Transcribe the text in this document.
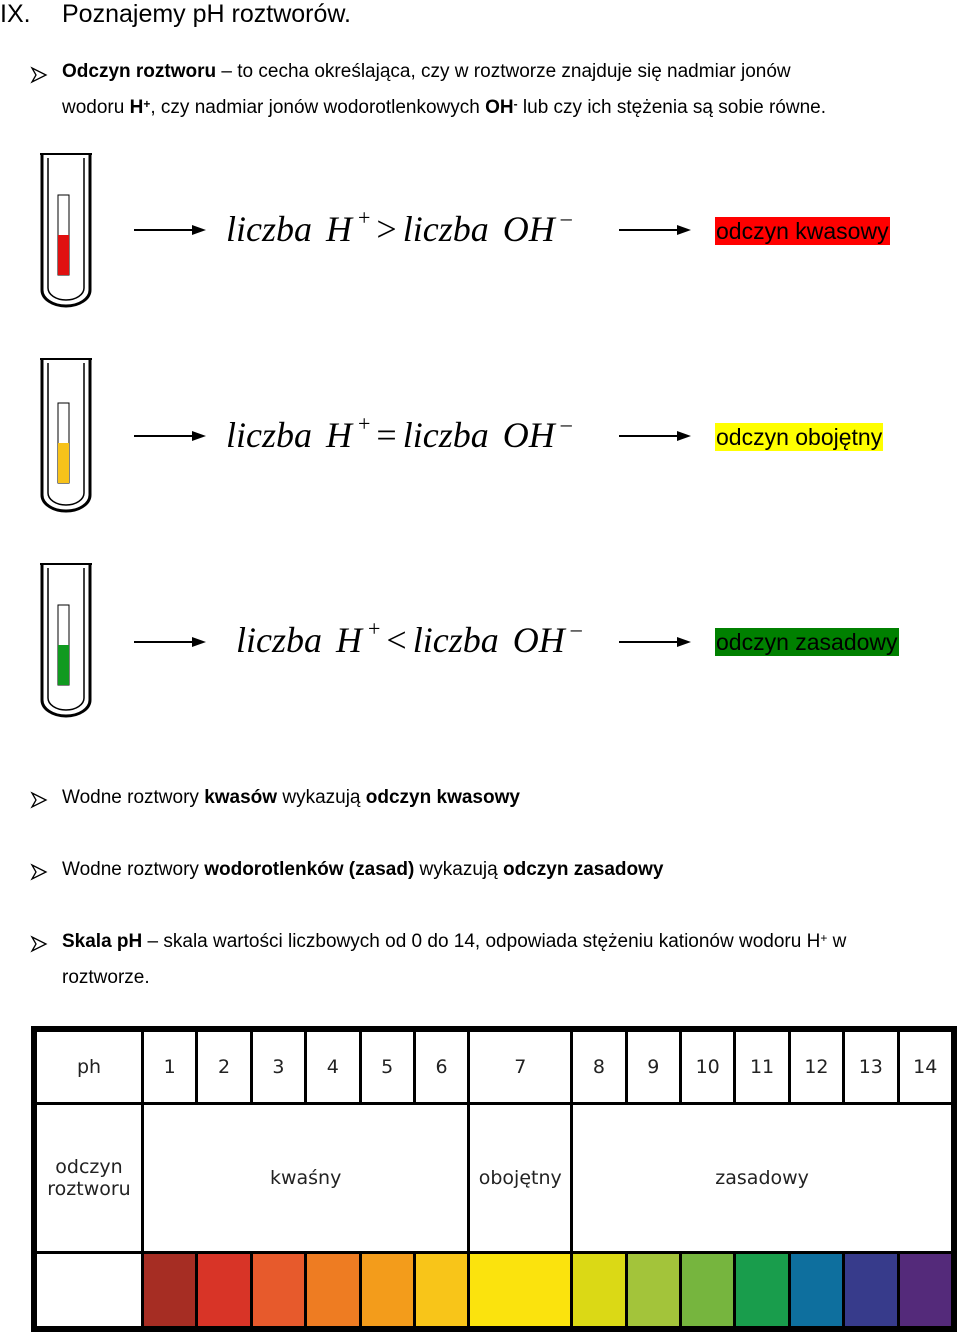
IX. Poznajemy pH roztworów.
Odczyn roztworu – to cecha określająca, czy w roztworze znajduje się nadmiar jonów
wodoru H+, czy nadmiar jonów wodorotlenkowych OH- lub czy ich stężenia są sobie równe.
liczba H + > liczba OH –
liczba H + = liczba OH –
liczba H + < liczba OH –
odczyn kwasowy
odczyn obojętny
odczyn zasadowy
Wodne roztwory kwasów wykazują odczyn kwasowy
Wodne roztwory wodorotlenków (zasad) wykazują odczyn zasadowy
Skala pH – skala wartości liczbowych od 0 do 14, odpowiada stężeniu kationów wodoru H+ w
roztworze.
ph	1	2	3	4	5	6	7	8	9	10	11	12	13	14
odczyn
roztworu	kwaśny						obojętny	zasadowy						
